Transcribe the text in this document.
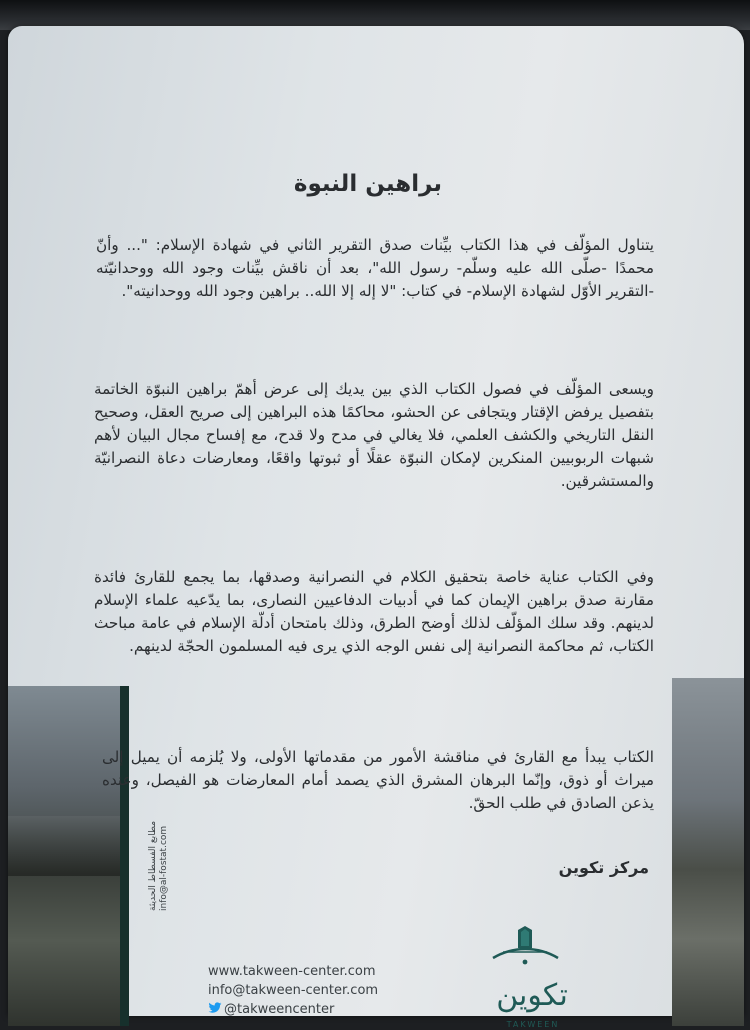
مطابع الفسطاط الحديثة info@al-fostat.com
براهين النبوة

يتناول المؤلّف في هذا الكتاب بيِّنات صدق التقرير الثاني في شهادة الإسلام: "... وأنّ محمدًا -صلّى الله عليه وسلّم- رسول الله"، بعد أن ناقش بيِّنات وجود الله ووحدانيّته -التقرير الأوّل لشهادة الإسلام- في كتاب: "لا إله إلا الله.. براهين وجود الله ووحدانيته".

ويسعى المؤلّف في فصول الكتاب الذي بين يديك إلى عرض أهمّ براهين النبوّة الخاتمة بتفصيل يرفض الإقتار ويتجافى عن الحشو، محاكمًا هذه البراهين إلى صريح العقل، وصحيح النقل التاريخي والكشف العلمي، فلا يغالي في مدح ولا قدح، مع إفساح مجال البيان لأهم شبهات الربوبيين المنكرين لإمكان النبوّة عقلًا أو ثبوتها واقعًا، ومعارضات دعاة النصرانيّة والمستشرقين.

وفي الكتاب عناية خاصة بتحقيق الكلام في النصرانية وصدقها، بما يجمع للقارئ فائدة مقارنة صدق براهين الإيمان كما في أدبيات الدفاعيين النصارى، بما يدّعيه علماء الإسلام لدينهم. وقد سلك المؤلّف لذلك أوضح الطرق، وذلك بامتحان أدلّة الإسلام في عامة مباحث الكتاب، ثم محاكمة النصرانية إلى نفس الوجه الذي يرى فيه المسلمون الحجّة لدينهم.

الكتاب يبدأ مع القارئ في مناقشة الأمور من مقدماتها الأولى، ولا يُلزمه أن يميل إلى ميراث أو ذوق، وإنّما البرهان المشرق الذي يصمد أمام المعارضات هو الفيصل، وعنده يذعن الصادق في طلب الحقّ.

مركز تكوين
www.takween-center.com
info@takween-center.com
@takweencenter	تكوين
TAKWEEN
